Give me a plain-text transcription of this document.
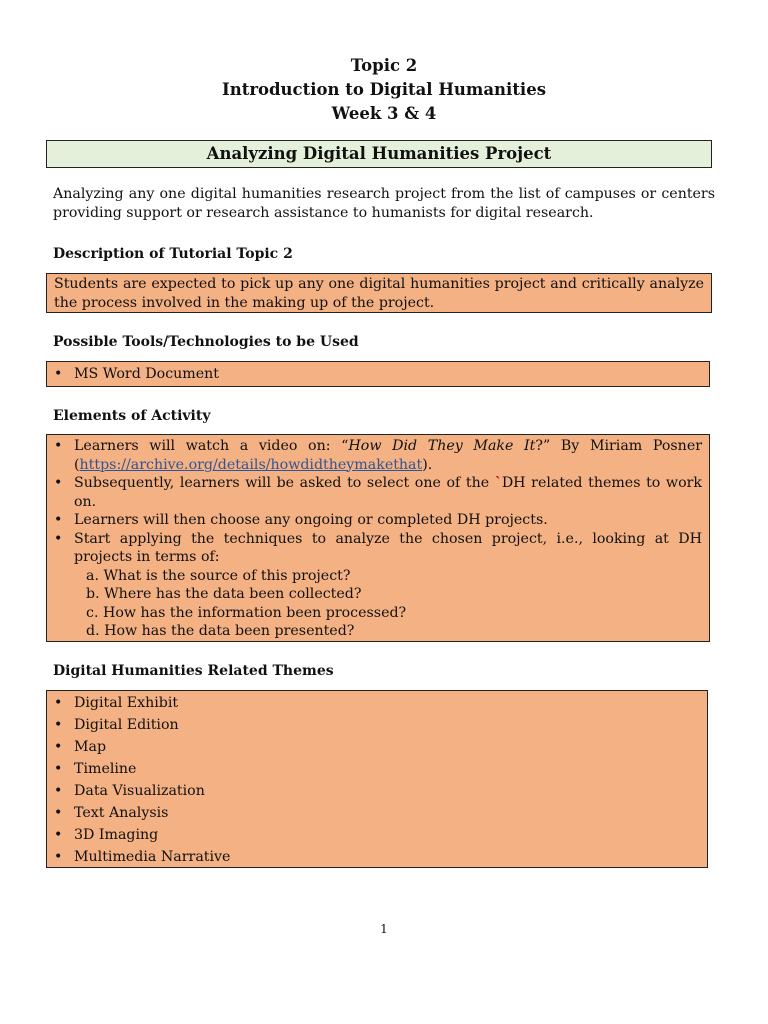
Topic 2
Introduction to Digital Humanities
Week 3 & 4
Analyzing Digital Humanities Project
Analyzing any one digital humanities research project from the list of campuses or centers providing support or research assistance to humanists for digital research.
Description of Tutorial Topic 2
Students are expected to pick up any one digital humanities project and critically analyze the process involved in the making up of the project.
Possible Tools/Technologies to be Used
• MS Word Document
Elements of Activity
• Learners will watch a video on: “How Did They Make It?” By Miriam Posner (https://archive.org/details/howdidtheymakethat).
• Subsequently, learners will be asked to select one of the `DH related themes to work on.
• Learners will then choose any ongoing or completed DH projects.
• Start applying the techniques to analyze the chosen project, i.e., looking at DH projects in terms of:
a. What is the source of this project?
b. Where has the data been collected?
c. How has the information been processed?
d. How has the data been presented?
Digital Humanities Related Themes
• Digital Exhibit
• Digital Edition
• Map
• Timeline
• Data Visualization
• Text Analysis
• 3D Imaging
• Multimedia Narrative
1
